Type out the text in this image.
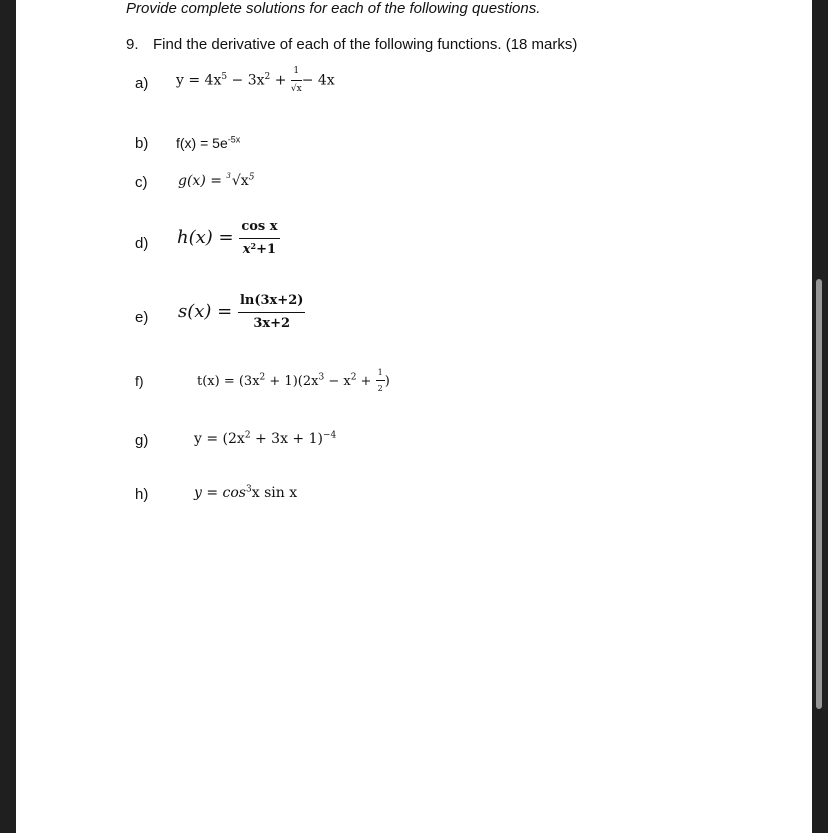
Provide complete solutions for each of the following questions.
9. Find the derivative of each of the following functions. (18 marks)
a) $y = 4x^5 - 3x^2 + \frac{1}{√x} - 4x$
b) $f(x) = 5e^{-5x}$
c) $g(x) = 3√x^5$
d) $h(x) = \frac{\text{cos x}}{x^2+1}$
e) $s(x) = \frac{\ln(3x+2)}{3x+2}$
f)	$t(x) = (3x^2 + 1)(2x^3 - x^2 + \frac{1}{2}$ )
g)	$y = (2x^2 + 3x + 1)^{-4}$
h)	$y = \cos^3x$ sin x
